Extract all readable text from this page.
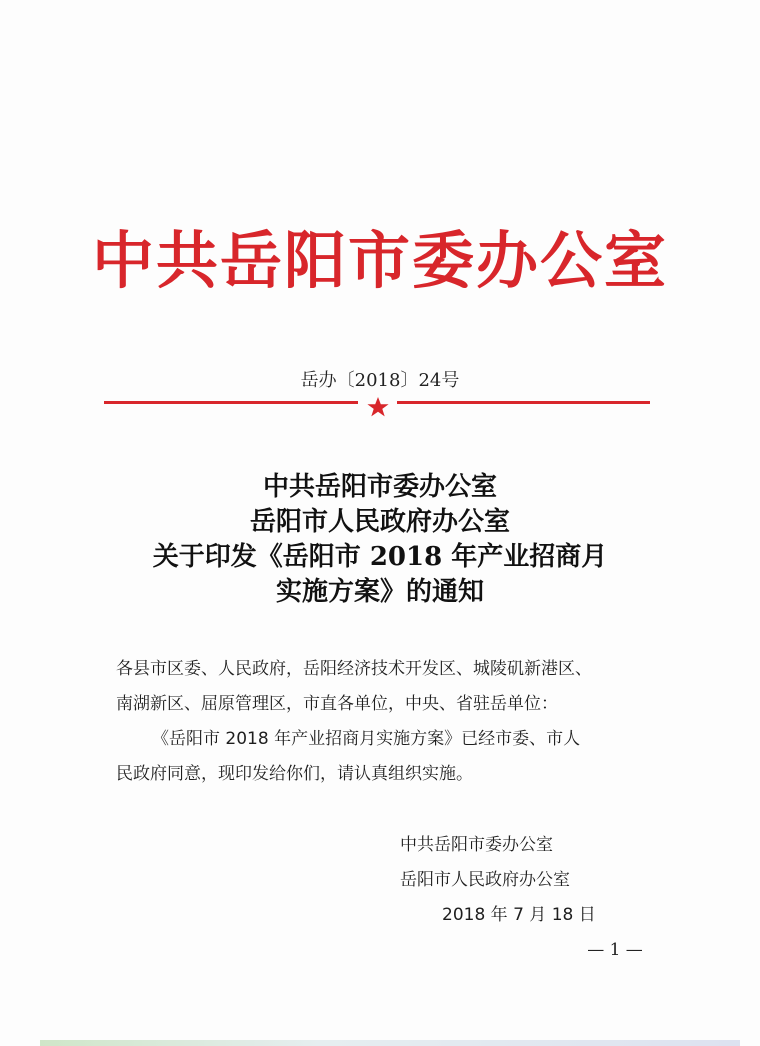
中共岳阳市委办公室
岳办〔2018〕24号
中共岳阳市委办公室
岳阳市人民政府办公室
关于印发《岳阳市 2018 年产业招商月
实施方案》的通知
各县市区委、人民政府，岳阳经济技术开发区、城陵矶新港区、
南湖新区、屈原管理区，市直各单位，中央、省驻岳单位：
《岳阳市 2018 年产业招商月实施方案》已经市委、市人
民政府同意，现印发给你们，请认真组织实施。
中共岳阳市委办公室
岳阳市人民政府办公室
2018 年 7 月 18 日
— 1 —
